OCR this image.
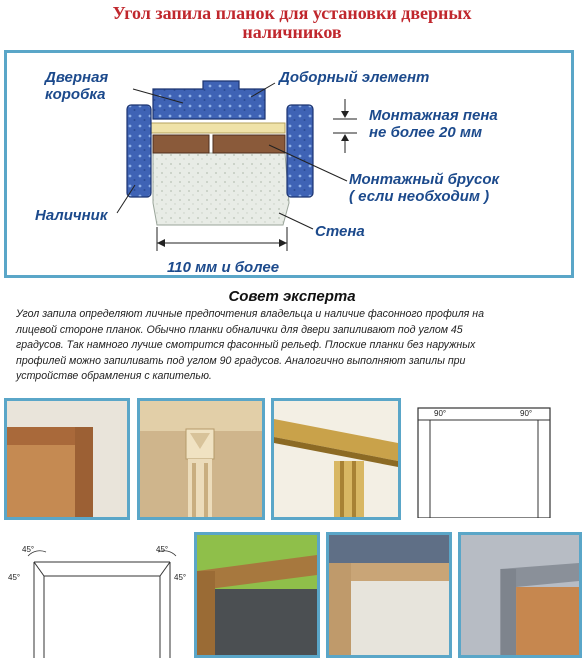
Угол запила планок для установки дверных
наличников
Дверная
коробка
Доборный элемент
Монтажная пена
не более 20 мм
Монтажный брусок
( если необходим )
Наличник
Стена
110 мм и более
Совет эксперта
Угол запила определяют личные предпочтения владельца и наличие фасонного профиля на
лицевой стороне планок. Обычно планки обналички для двери запиливают под углом 45
градусов. Так намного лучше смотрится фасонный рельеф. Плоские планки без наружных
профилей можно запиливать под углом 90 градусов. Аналогично выполняют запилы при
устройстве обрамления с капителью.
90°	90°
45°
45°
45°
45°
